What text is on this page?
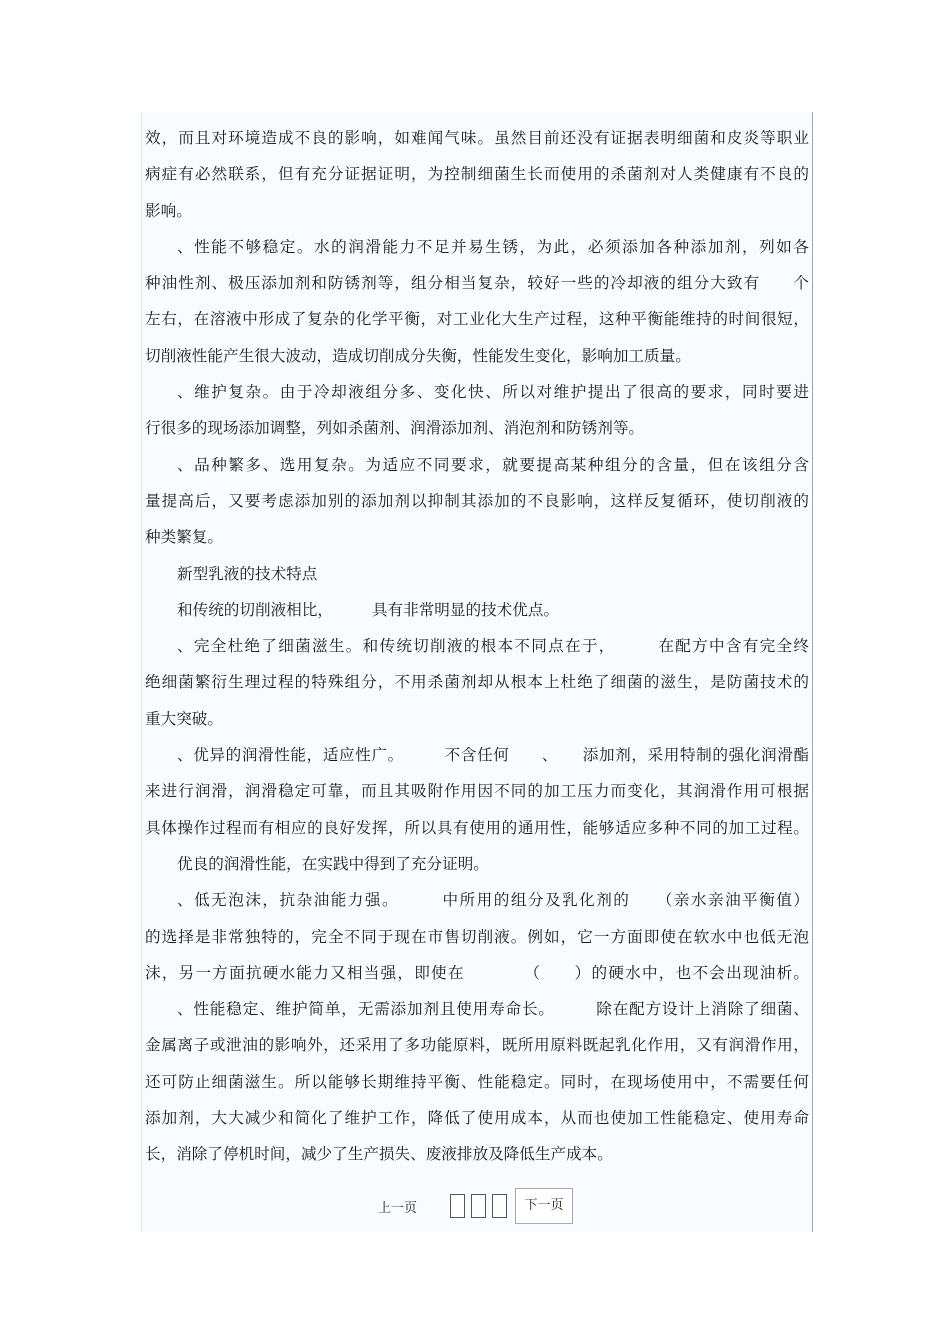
效，而且对环境造成不良的影响，如难闻气味。虽然目前还没有证据表明细菌和皮炎等职业
病症有必然联系，但有充分证据证明，为控制细菌生长而使用的杀菌剂对人类健康有不良的
影响。
、性能不够稳定。水的润滑能力不足并易生锈，为此，必须添加各种添加剂，列如各
种油性剂、极压添加剂和防锈剂等，组分相当复杂，较好一些的冷却液的组分大致有　　个
左右，在溶液中形成了复杂的化学平衡，对工业化大生产过程，这种平衡能维持的时间很短，
切削液性能产生很大波动，造成切削成分失衡，性能发生变化，影响加工质量。
、维护复杂。由于冷却液组分多、变化快、所以对维护提出了很高的要求，同时要进
行很多的现场添加调整，列如杀菌剂、润滑添加剂、消泡剂和防锈剂等。
、品种繁多、选用复杂。为适应不同要求，就要提高某种组分的含量，但在该组分含
量提高后，又要考虑添加别的添加剂以抑制其添加的不良影响，这样反复循环，使切削液的
种类繁复。
新型乳液的技术特点
和传统的切削液相比，　　　具有非常明显的技术优点。
、完全杜绝了细菌滋生。和传统切削液的根本不同点在于，　　　在配方中含有完全终
绝细菌繁衍生理过程的特殊组分，不用杀菌剂却从根本上杜绝了细菌的滋生，是防菌技术的
重大突破。
、优异的润滑性能，适应性广。　　　不含任何　　、　　添加剂，采用特制的强化润滑酯
来进行润滑，润滑稳定可靠，而且其吸附作用因不同的加工压力而变化，其润滑作用可根据
具体操作过程而有相应的良好发挥，所以具有使用的通用性，能够适应多种不同的加工过程。
优良的润滑性能，在实践中得到了充分证明。
、低无泡沫，抗杂油能力强。　　　中所用的组分及乳化剂的　　（亲水亲油平衡值）
的选择是非常独特的，完全不同于现在市售切削液。例如，它一方面即使在软水中也低无泡
沫，另一方面抗硬水能力又相当强，即使在　　　　（　　）的硬水中，也不会出现油析。
、性能稳定、维护简单，无需添加剂且使用寿命长。　　　除在配方设计上消除了细菌、
金属离子或泄油的影响外，还采用了多功能原料，既所用原料既起乳化作用，又有润滑作用，
还可防止细菌滋生。所以能够长期维持平衡、性能稳定。同时，在现场使用中，不需要任何
添加剂，大大减少和简化了维护工作，降低了使用成本，从而也使加工性能稳定、使用寿命
长，消除了停机时间，减少了生产损失、废液排放及降低生产成本。
上一页	下一页
